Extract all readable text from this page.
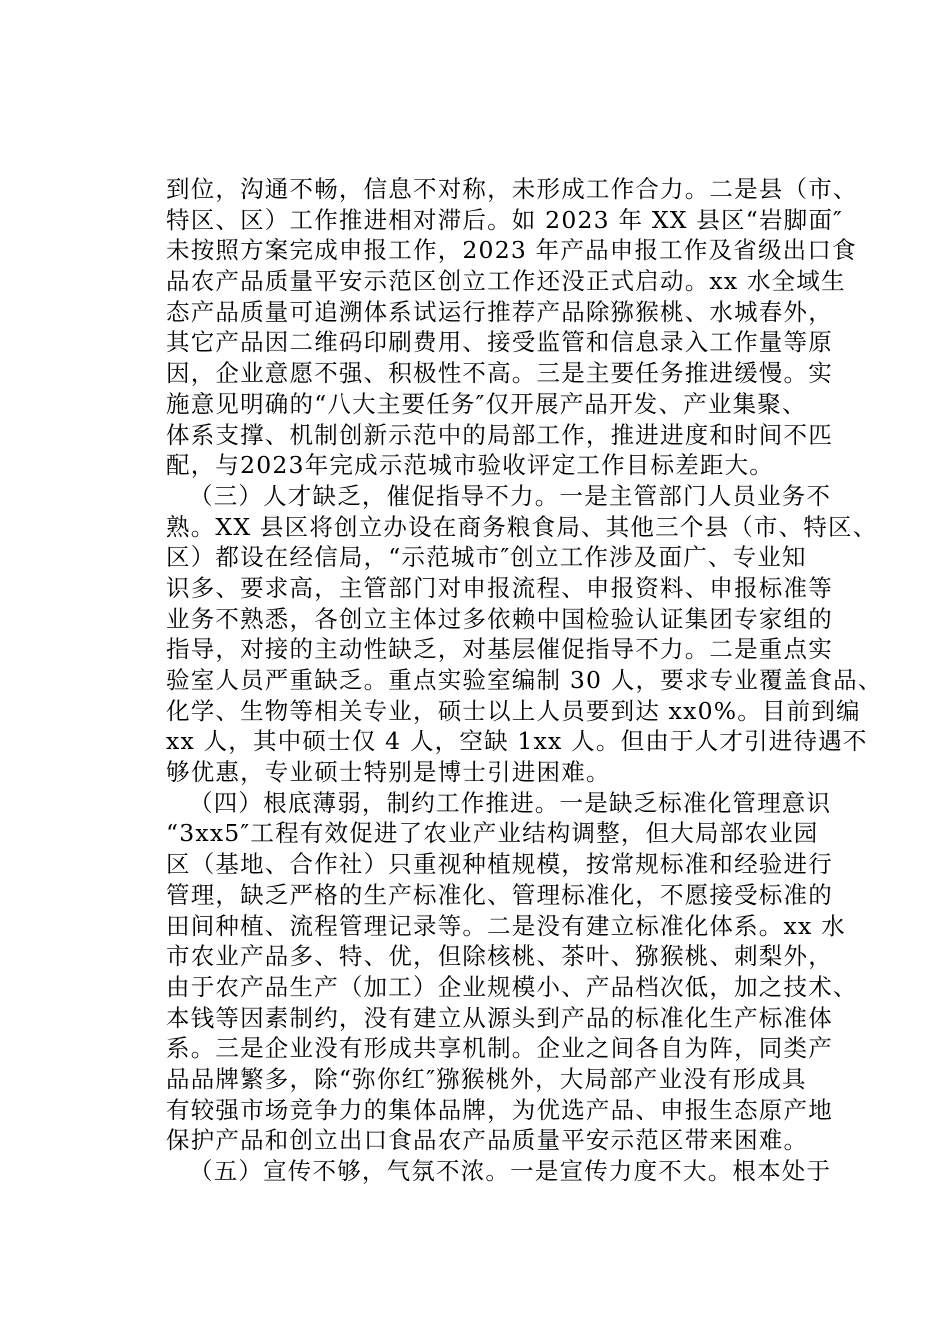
到位，沟通不畅，信息不对称，未形成工作合力。二是县（市、
特区、区）工作推进相对滞后。如 2023 年 XX 县区“岩脚面″
未按照方案完成申报工作，2023 年产品申报工作及省级出口食
品农产品质量平安示范区创立工作还没正式启动。xx 水全域生
态产品质量可追溯体系试运行推荐产品除猕猴桃、水城春外，
其它产品因二维码印刷费用、接受监管和信息录入工作量等原
因，企业意愿不强、积极性不高。三是主要任务推进缓慢。实
施意见明确的“八大主要任务″仅开展产品开发、产业集聚、
体系支撑、机制创新示范中的局部工作，推进进度和时间不匹
配，与2023年完成示范城市验收评定工作目标差距大。
（三）人才缺乏，催促指导不力。一是主管部门人员业务不
熟。XX 县区将创立办设在商务粮食局、其他三个县（市、特区、
区）都设在经信局，“示范城市″创立工作涉及面广、专业知
识多、要求高，主管部门对申报流程、申报资料、申报标准等
业务不熟悉，各创立主体过多依赖中国检验认证集团专家组的
指导，对接的主动性缺乏，对基层催促指导不力。二是重点实
验室人员严重缺乏。重点实验室编制 30 人，要求专业覆盖食品、
化学、生物等相关专业，硕士以上人员要到达 xx0%。目前到编
xx 人，其中硕士仅 4 人，空缺 1xx 人。但由于人才引进待遇不
够优惠，专业硕士特别是博士引进困难。
（四）根底薄弱，制约工作推进。一是缺乏标准化管理意识
“3xx5″工程有效促进了农业产业结构调整，但大局部农业园
区（基地、合作社）只重视种植规模，按常规标准和经验进行
管理，缺乏严格的生产标准化、管理标准化，不愿接受标准的
田间种植、流程管理记录等。二是没有建立标准化体系。xx 水
市农业产品多、特、优，但除核桃、茶叶、猕猴桃、刺梨外，
由于农产品生产（加工）企业规模小、产品档次低，加之技术、
本钱等因素制约，没有建立从源头到产品的标准化生产标准体
系。三是企业没有形成共享机制。企业之间各自为阵，同类产
品品牌繁多，除“弥你红″猕猴桃外，大局部产业没有形成具
有较强市场竞争力的集体品牌，为优选产品、申报生态原产地
保护产品和创立出口食品农产品质量平安示范区带来困难。
（五）宣传不够，气氛不浓。一是宣传力度不大。根本处于
